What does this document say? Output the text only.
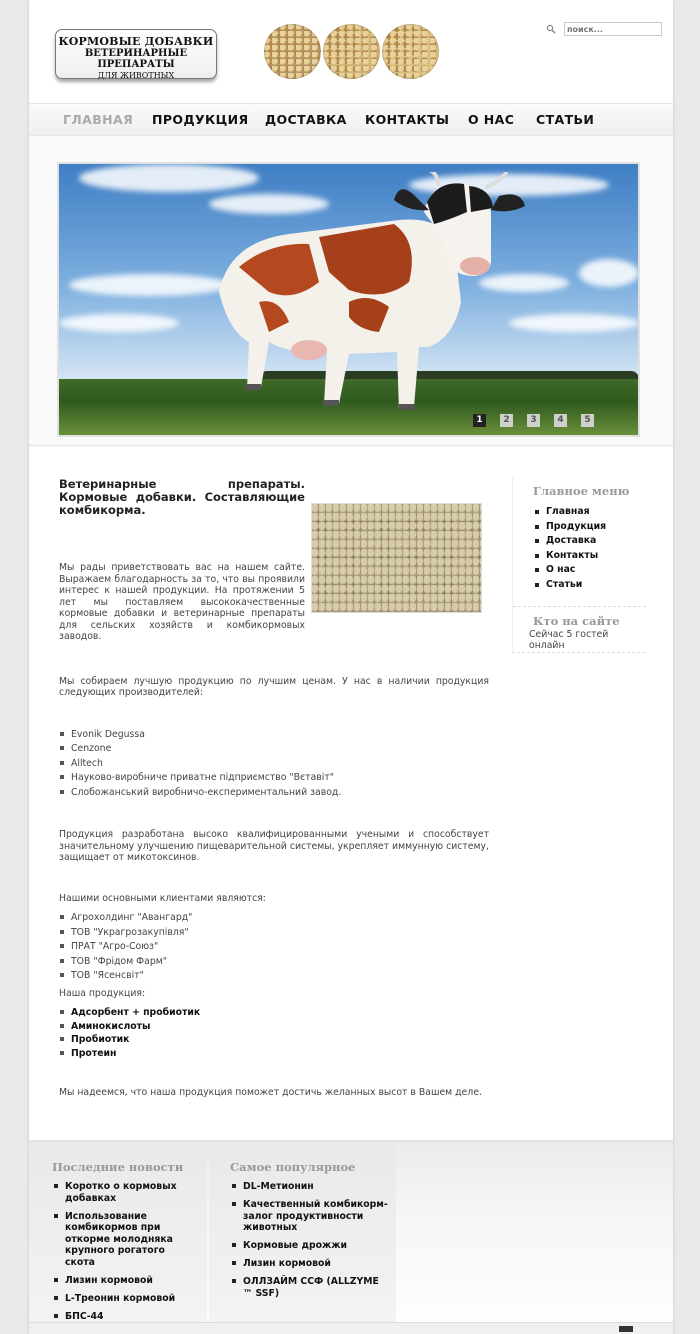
КОРМОВЫЕ ДОБАВКИ
ВЕТЕРИНАРНЫЕ ПРЕПАРАТЫ
ДЛЯ ЖИВОТНЫХ
поиск...
ГЛАВНАЯ ПРОДУКЦИЯ ДОСТАВКА КОНТАКТЫ О НАС СТАТЬИ
1	2	3	4	5
Ветеринарные препараты. Кормовые добавки. Составляющие комбикорма.

Мы рады приветствовать вас на нашем сайте. Выражаем благодарность за то, что вы проявили интерес к нашей продукции. На протяжении 5 лет мы поставляем высококачественные кормовые добавки и ветеринарные препараты для сельских хозяйств и комбикормовых заводов.

Мы собираем лучшую продукцию по лучшим ценам. У нас в наличии продукция следующих производителей:

Evonik Degussa
Cenzone
Alltech
Науково-виробниче приватне підприємство "Вєтавіт"
Слобожанський виробничо-експериментальний завод.

Продукция разработана высоко квалифицированными учеными и способствует значительному улучшению пищеварительной системы, укрепляет иммунную систему, защищает от микотоксинов.

Нашими основными клиентами являются:

Агрохолдинг "Авангард"
ТОВ "Украгрозакупівля"
ПРАТ "Агро-Союз"
ТОВ "Фрідом Фарм"
ТОВ "Ясенсвіт"

Наша продукция:

Адсорбент + пробиотик
Аминокислоты
Пробиотик
Протеин

Мы надеемся, что наша продукция поможет достичь желанных высот в Вашем деле.

Главное меню
Главная
Продукция
Доставка
Контакты
О нас
Статьи
Кто на сайте
Сейчас 5 гостей онлайн
Последние новости
Коротко о кормовых добавках
Использование комбикормов при откорме молодняка крупного рогатого скота
Лизин кормовой
L-Треонин кормовой
БПС-44
Самое популярное
DL-Метионин
Качественный комбикорм- залог продуктивности животных
Кормовые дрожжи
Лизин кормовой
ОЛЛЗАЙМ ССФ (ALLZYME ™ SSF)
